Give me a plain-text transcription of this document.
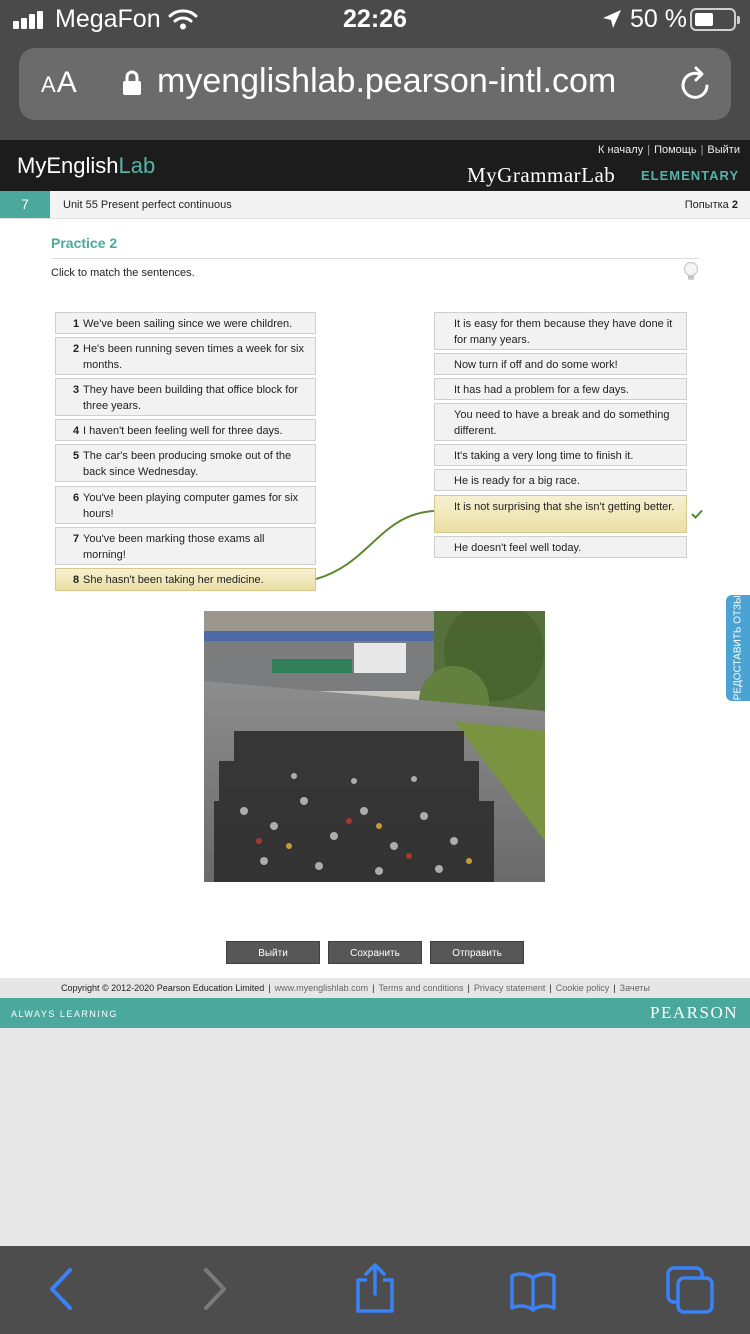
MegaFon	22:26	50 %
AA myenglishlab.pearson-intl.com
MyEnglishLab
К началу | Помощь | Выйти
MyGrammarLab ELEMENTARY
7	Unit 55 Present perfect continuous	Попытка 2
Practice 2
Click to match the sentences.
1 We've been sailing since we were children.
2 He's been running seven times a week for six months.
3 They have been building that office block for three years.
4 I haven't been feeling well for three days.
5 The car's been producing smoke out of the back since Wednesday.
6 You've been playing computer games for six hours!
7 You've been marking those exams all morning!
8 She hasn't been taking her medicine.
It is easy for them because they have done it for many years.
Now turn if off and do some work!
It has had a problem for a few days.
You need to have a break and do something different.
It's taking a very long time to finish it.
He is ready for a big race.
It is not surprising that she isn't getting better.
He doesn't feel well today.
Выйти	Сохранить	Отправить
ПРЕДОСТАВИТЬ ОТЗЫВ
Copyright © 2012-2020 Pearson Education Limited | www.myenglishlab.com | Terms and conditions | Privacy statement | Cookie policy | Зачеты
ALWAYS LEARNING	PEARSON
